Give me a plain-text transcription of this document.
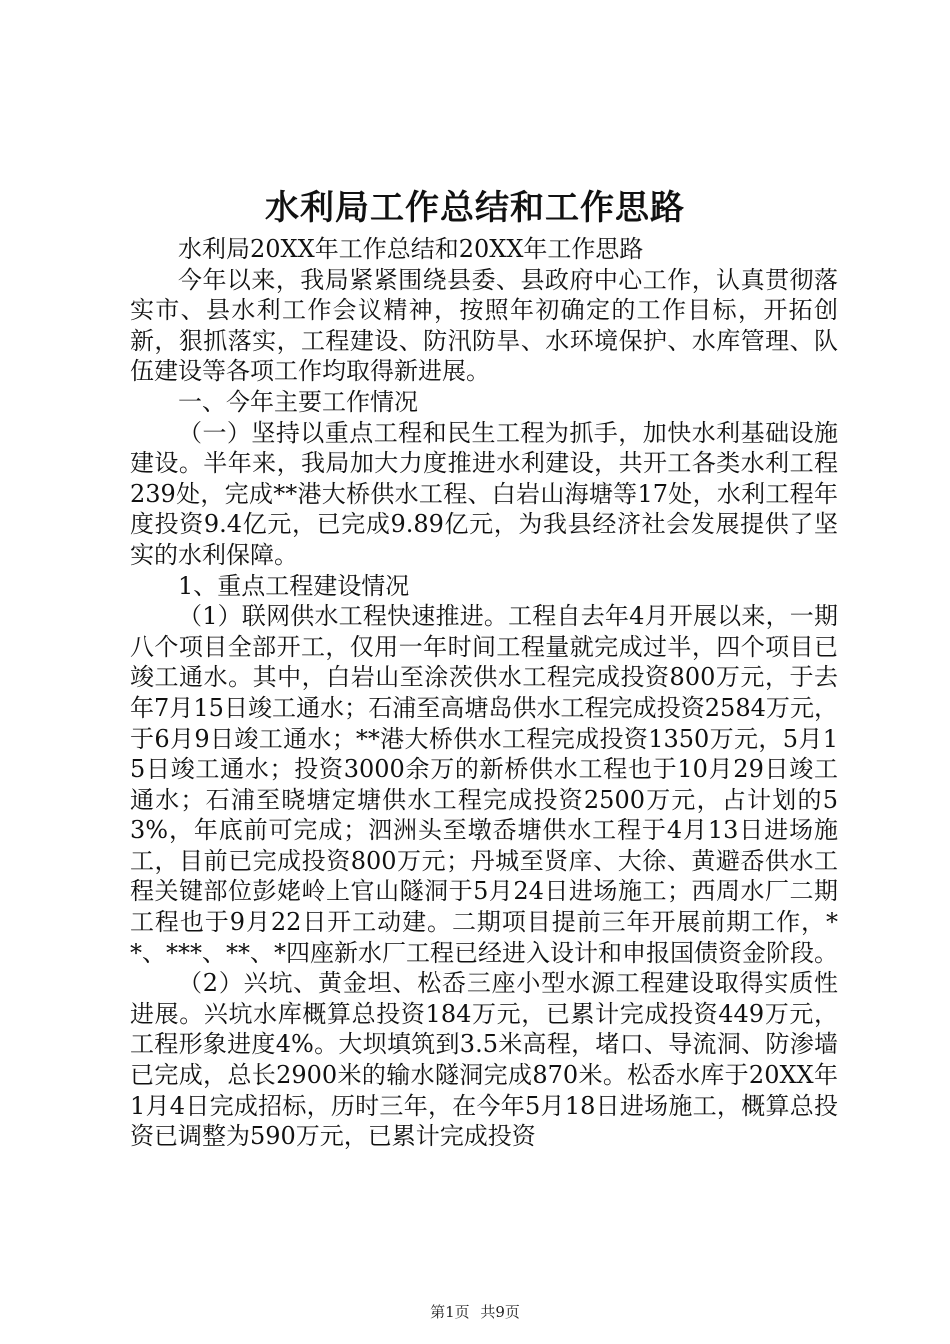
水利局工作总结和工作思路

水利局20XX年工作总结和20XX年工作思路

今年以来，我局紧紧围绕县委、县政府中心工作，认真贯彻落实市、县水利工作会议精神，按照年初确定的工作目标，开拓创新，狠抓落实，工程建设、防汛防旱、水环境保护、水库管理、队伍建设等各项工作均取得新进展。

一、今年主要工作情况

（一）坚持以重点工程和民生工程为抓手，加快水利基础设施建设。半年来，我局加大力度推进水利建设，共开工各类水利工程239处，完成**港大桥供水工程、白岩山海塘等17处，水利工程年度投资9.4亿元，已完成9.89亿元，为我县经济社会发展提供了坚实的水利保障。

1、重点工程建设情况

（1）联网供水工程快速推进。工程自去年4月开展以来，一期八个项目全部开工，仅用一年时间工程量就完成过半，四个项目已竣工通水。其中，白岩山至涂茨供水工程完成投资800万元，于去年7月15日竣工通水；石浦至高塘岛供水工程完成投资2584万元，于6月9日竣工通水；**港大桥供水工程完成投资1350万元，5月15日竣工通水；投资3000余万的新桥供水工程也于10月29日竣工通水；石浦至晓塘定塘供水工程完成投资2500万元，占计划的53%，年底前可完成；泗洲头至墩岙塘供水工程于4月13日进场施工，目前已完成投资800万元；丹城至贤庠、大徐、黄避岙供水工程关键部位彭姥岭上官山隧洞于5月24日进场施工；西周水厂二期工程也于9月22日开工动建。二期项目提前三年开展前期工作，**、***、**、*四座新水厂工程已经进入设计和申报国债资金阶段。

（2）兴坑、黄金坦、松岙三座小型水源工程建设取得实质性进展。兴坑水库概算总投资184万元，已累计完成投资449万元，工程形象进度4%。大坝填筑到3.5米高程，堵口、导流洞、防渗墙已完成，总长2900米的输水隧洞完成870米。松岙水库于20XX年1月4日完成招标，历时三年，在今年5月18日进场施工，概算总投资已调整为590万元，已累计完成投资

第1页 共9页
